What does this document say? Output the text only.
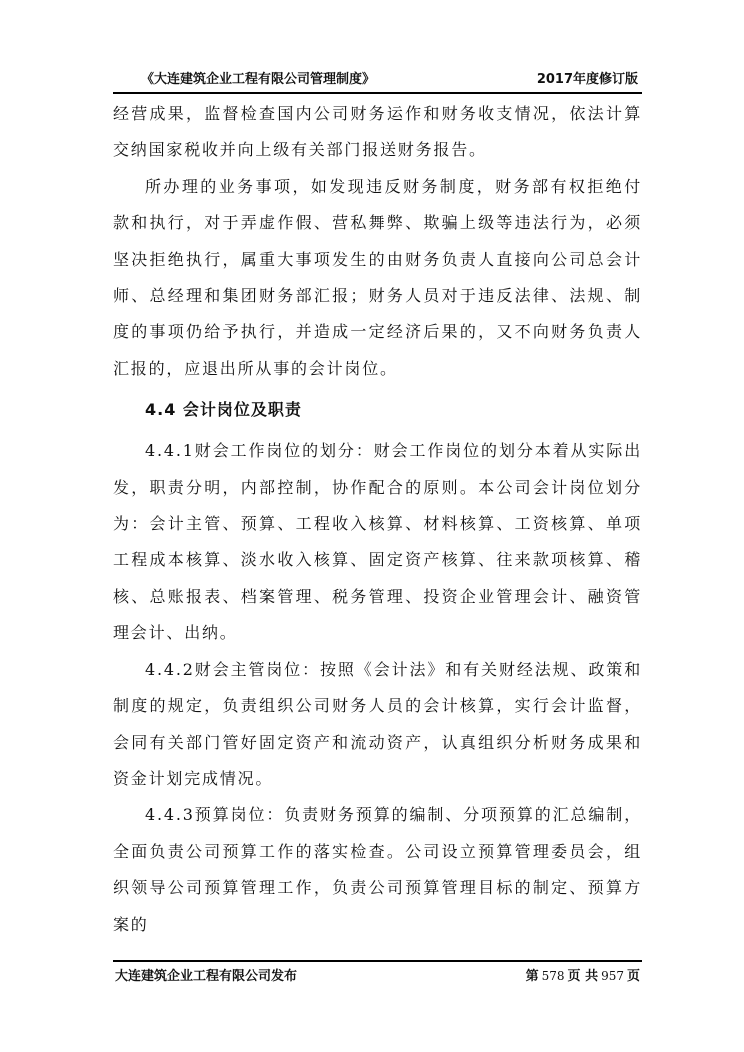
《大连建筑企业工程有限公司管理制度》	2017年度修订版

经营成果，监督检查国内公司财务运作和财务收支情况，依法计算交纳国家税收并向上级有关部门报送财务报告。

所办理的业务事项，如发现违反财务制度，财务部有权拒绝付款和执行，对于弄虚作假、营私舞弊、欺骗上级等违法行为，必须坚决拒绝执行，属重大事项发生的由财务负责人直接向公司总会计师、总经理和集团财务部汇报；财务人员对于违反法律、法规、制度的事项仍给予执行，并造成一定经济后果的，又不向财务负责人汇报的，应退出所从事的会计岗位。

4.4 会计岗位及职责

4.4.1财会工作岗位的划分：财会工作岗位的划分本着从实际出发，职责分明，内部控制，协作配合的原则。本公司会计岗位划分为：会计主管、预算、工程收入核算、材料核算、工资核算、单项工程成本核算、淡水收入核算、固定资产核算、往来款项核算、稽核、总账报表、档案管理、税务管理、投资企业管理会计、融资管理会计、出纳。

4.4.2财会主管岗位：按照《会计法》和有关财经法规、政策和制度的规定，负责组织公司财务人员的会计核算，实行会计监督，会同有关部门管好固定资产和流动资产，认真组织分析财务成果和资金计划完成情况。

4.4.3预算岗位：负责财务预算的编制、分项预算的汇总编制，全面负责公司预算工作的落实检查。公司设立预算管理委员会，组织领导公司预算管理工作，负责公司预算管理目标的制定、预算方案的

大连建筑企业工程有限公司发布	第 578 页 共 957 页
